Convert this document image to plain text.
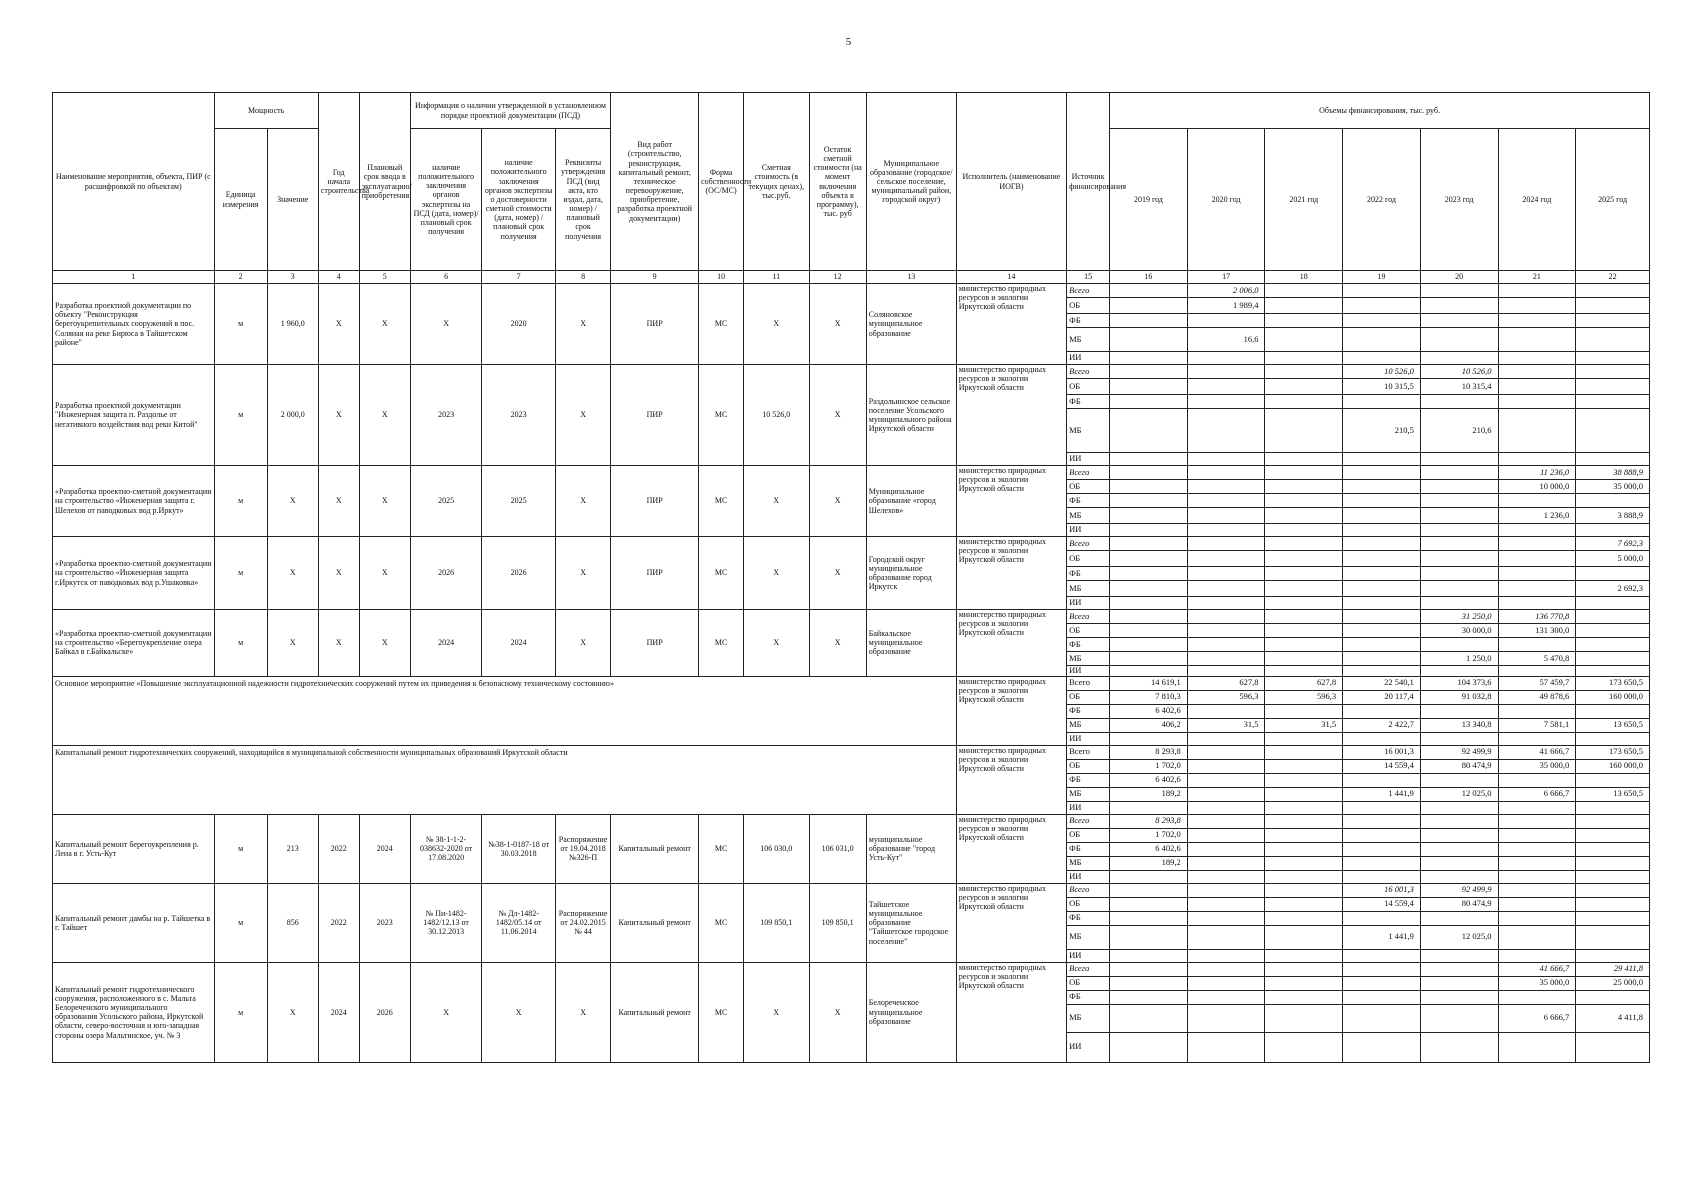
5
Наименование мероприятия, объекта, ПИР (с расшифровкой по объектам)	Мощность		Год начала строительства	Плановый срок ввода в эксплуатацию/приобретения	Информация о наличии утвержденной в установленном порядке проектной документации (ПСД)			Вид работ (строительство, реконструкция, капитальный ремонт, техническое перевооружение, приобретение, разработка проектной документации)	Форма собственности (ОС/МС)	Сметная стоимость (в текущих ценах), тыс.руб.	Остаток сметной стоимости (на момент включения объекта в программу), тыс. руб	Муниципальное образование (городское/сельское поселение, муниципальный район, городской округ)	Исполнитель (наименование ИОГВ)	Источник финансирования	Объемы финансирования, тыс. руб.						
	Единица измерения	Значение			наличие положительного заключения органов экспертизы на ПСД (дата, номер)/плановый срок получения	наличие положительного заключения органов экспертизы о достоверности сметной стоимости (дата, номер) / плановый срок получения	Реквизиты утверждения ПСД (вид акта, кто издал, дата, номер) / плановый срок получения								2019 год	2020 год	2021 год	2022 год	2023 год	2024 год	2025 год
1	2	3	4	5	6	7	8	9	10	11	12	13	14	15	16	17	18	19	20	21	22
Разработка проектной документации по объекту "Реконструкция берегоукрепительных сооружений в пос. Соляная на реке Бирюса в Тайшетском районе"	м	1 960,0	Х	Х	Х	2020	Х	ПИР	МС	Х	Х	Соляновское муниципальное образование	министерство природных ресурсов и экологии Иркутской области	Всего		2 006,0					
														ОБ		1 989,4					
														ФБ							
														МБ		16,6					
														ИИ							
Разработка проектной документации "Инженерная защита п. Раздолье от негативного воздействия вод реки Китой"	м	2 000,0	Х	Х	2023	2023	Х	ПИР	МС	10 526,0	Х	Раздольинское сельское поселение Усольского муниципального района Иркутской области	министерство природных ресурсов и экологии Иркутской области	Всего				10 526,0	10 526,0		
														ОБ				10 315,5	10 315,4		
														ФБ							
														МБ				210,5	210,6		
														ИИ							
«Разработка проектно-сметной документации на строительство «Инженерная защита г. Шелехов от паводковых вод р.Иркут»	м	Х	Х	Х	2025	2025	Х	ПИР	МС	Х	Х	Муниципальное образование «город Шелехов»	министерство природных ресурсов и экологии Иркутской области	Всего						11 236,0	38 888,9
														ОБ						10 000,0	35 000,0
														ФБ							
														МБ						1 236,0	3 888,9
														ИИ							
«Разработка проектно-сметной документации на строительство «Инженерная защита г.Иркутск от паводковых вод р.Ушаковка»	м	Х	Х	Х	2026	2026	Х	ПИР	МС	Х	Х	Городской округ муниципальное образование город Иркутск	министерство природных ресурсов и экологии Иркутской области	Всего							7 692,3
														ОБ							5 000,0
														ФБ							
														МБ							2 692,3
														ИИ							
«Разработка проектно-сметной документации на строительство «Берегоукрепление озера Байкал в г.Байкальске»	м	Х	Х	Х	2024	2024	Х	ПИР	МС	Х	Х	Байкальское муниципальное образование	министерство природных ресурсов и экологии Иркутской области	Всего					31 250,0	136 770,8	
														ОБ					30 000,0	131 300,0	
														ФБ							
														МБ					1 250,0	5 470,8	
														ИИ							
Основное мероприятие «Повышение эксплуатационной надежности гидротехнических сооружений путем их приведения к безопасному техническому состоянию»													министерство природных ресурсов и экологии Иркутской области	Всего	14 619,1	627,8	627,8	22 540,1	104 373,6	57 459,7	173 650,5
														ОБ	7 810,3	596,3	596,3	20 117,4	91 032,8	49 878,6	160 000,0
														ФБ	6 402,6						
														МБ	406,2	31,5	31,5	2 422,7	13 340,8	7 581,1	13 650,5
														ИИ							
Капитальный ремонт гидротехнических сооружений, находящийся в муниципальной собственности муниципальных образований Иркутской области													министерство природных ресурсов и экологии Иркутской области	Всего	8 293,8			16 001,3	92 499,9	41 666,7	173 650,5
														ОБ	1 702,0			14 559,4	80 474,9	35 000,0	160 000,0
														ФБ	6 402,6						
														МБ	189,2			1 441,9	12 025,0	6 666,7	13 650,5
														ИИ							
Капитальный ремонт берегоукрепления р. Лена в г. Усть-Кут	м	213	2022	2024	№ 38-1-1-2-038632-2020 от 17.08.2020	№38-1-0187-18 от 30.03.2018	Распоряжение от 19.04.2018 №326-П	Капитальный ремонт	МС	106 030,0	106 031,0	муниципальное образование "город Усть-Кут"	министерство природных ресурсов и экологии Иркутской области	Всего	8 293,8						
														ОБ	1 702,0						
														ФБ	6 402,6						
														МБ	189,2						
														ИИ							
Капитальный ремонт дамбы на р. Тайшетка в г. Тайшет	м	856	2022	2023	№ Пи-1482-1482/12.13 от 30.12.2013	№ Дл-1482-1482/05.14 от 11.06.2014	Распоряжение от 24.02.2015 № 44	Капитальный ремонт	МС	109 850,1	109 850,1	Тайшетское муниципальное образование "Тайшетское городское поселение"	министерство природных ресурсов и экологии Иркутской области	Всего				16 001,3	92 499,9		
														ОБ				14 559,4	80 474,9		
														ФБ							
														МБ				1 441,9	12 025,0		
														ИИ							
Капитальный ремонт гидротехнического сооружения, расположенного в с. Мальта Белореченского муниципального образования Усольского района, Иркутской области, северо-восточная и юго-западная стороны озера Мальтинское, уч. № 3	м	Х	2024	2026	Х	Х	Х	Капитальный ремонт	МС	Х	Х	Белореченское муниципальное образование	министерство природных ресурсов и экологии Иркутской области	Всего						41 666,7	29 411,8
														ОБ						35 000,0	25 000,0
														ФБ							
														МБ						6 666,7	4 411,8
														ИИ							
